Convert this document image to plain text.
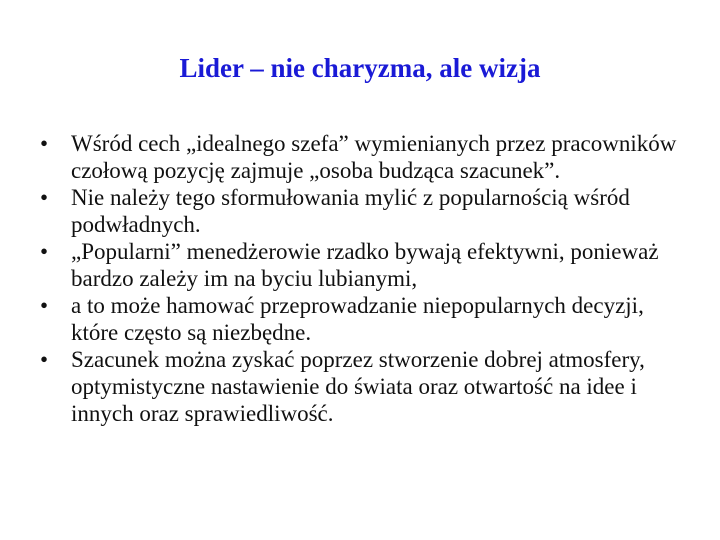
Lider – nie charyzma, ale wizja
• Wśród cech „idealnego szefa” wymienianych przez pracowników czołową pozycję zajmuje „osoba budząca szacunek”.
• Nie należy tego sformułowania mylić z popularnością wśród podwładnych.
• „Popularni” menedżerowie rzadko bywają efektywni, ponieważ bardzo zależy im na byciu lubianymi,
• a to może hamować przeprowadzanie niepopularnych decyzji, które często są niezbędne.
• Szacunek można zyskać poprzez stworzenie dobrej atmosfery, optymistyczne nastawienie do świata oraz otwartość na idee i innych oraz sprawiedliwość.
